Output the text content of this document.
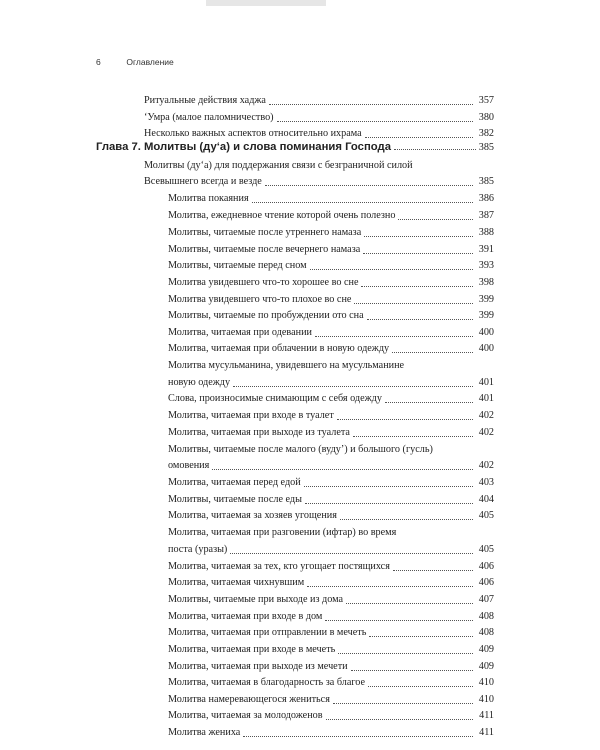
6	Оглавление
Ритуальные действия хаджа	357
‘Умра (малое паломничество)	380
Несколько важных аспектов относительно ихрама	382
Глава 7. Молитвы (ду‘а) и слова поминания Господа	385
Молитвы (ду‘а) для поддержания связи с безграничной силой
Всевышнего всегда и везде	385
Молитва покаяния	386
Молитва, ежедневное чтение которой очень полезно	387
Молитвы, читаемые после утреннего намаза	388
Молитвы, читаемые после вечернего намаза	391
Молитвы, читаемые перед сном	393
Молитва увидевшего что-то хорошее во сне	398
Молитва увидевшего что-то плохое во сне	399
Молитвы, читаемые по пробуждении ото сна	399
Молитва, читаемая при одевании	400
Молитва, читаемая при облачении в новую одежду	400
Молитва мусульманина, увидевшего на мусульманине
новую одежду	401
Слова, произносимые снимающим с себя одежду	401
Молитва, читаемая при входе в туалет	402
Молитва, читаемая при выходе из туалета	402
Молитвы, читаемые после малого (вуду’) и большого (гусль)
омовения	402
Молитва, читаемая перед едой	403
Молитвы, читаемые после еды	404
Молитва, читаемая за хозяев угощения	405
Молитва, читаемая при разговении (ифтар) во время
поста (уразы)	405
Молитва, читаемая за тех, кто угощает постящихся	406
Молитва, читаемая чихнувшим	406
Молитвы, читаемые при выходе из дома	407
Молитва, читаемая при входе в дом	408
Молитва, читаемая при отправлении в мечеть	408
Молитва, читаемая при входе в мечеть	409
Молитва, читаемая при выходе из мечети	409
Молитва, читаемая в благодарность за благое	410
Молитва намеревающегося жениться	410
Молитва, читаемая за молодоженов	411
Молитва жениха	411
